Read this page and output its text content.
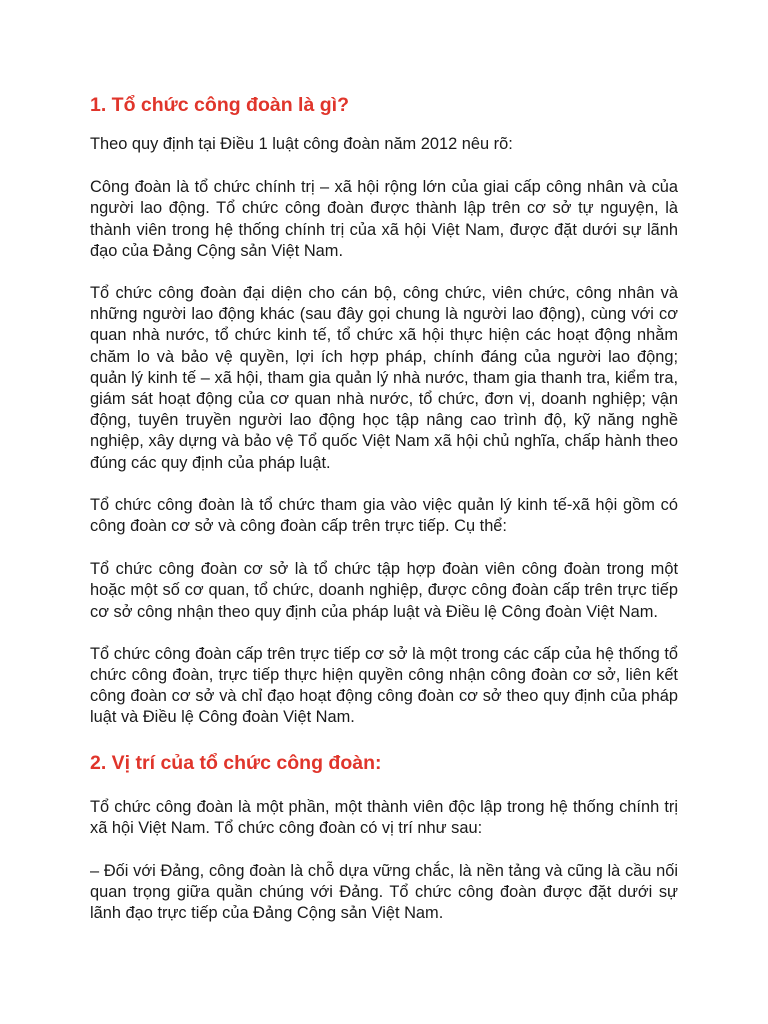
1. Tổ chức công đoàn là gì?

Theo quy định tại Điều 1 luật công đoàn năm 2012 nêu rõ:

Công đoàn là tổ chức chính trị – xã hội rộng lớn của giai cấp công nhân và của người lao động. Tổ chức công đoàn được thành lập trên cơ sở tự nguyện, là thành viên trong hệ thống chính trị của xã hội Việt Nam, được đặt dưới sự lãnh đạo của Đảng Cộng sản Việt Nam.

Tổ chức công đoàn đại diện cho cán bộ, công chức, viên chức, công nhân và những người lao động khác (sau đây gọi chung là người lao động), cùng với cơ quan nhà nước, tổ chức kinh tế, tổ chức xã hội thực hiện các hoạt động nhằm chăm lo và bảo vệ quyền, lợi ích hợp pháp, chính đáng của người lao động; quản lý kinh tế – xã hội, tham gia quản lý nhà nước, tham gia thanh tra, kiểm tra, giám sát hoạt động của cơ quan nhà nước, tổ chức, đơn vị, doanh nghiệp; vận động, tuyên truyền người lao động học tập nâng cao trình độ, kỹ năng nghề nghiệp, xây dựng và bảo vệ Tổ quốc Việt Nam xã hội chủ nghĩa, chấp hành theo đúng các quy định của pháp luật.

Tổ chức công đoàn là tổ chức tham gia vào việc quản lý kinh tế-xã hội gồm có công đoàn cơ sở và công đoàn cấp trên trực tiếp. Cụ thể:

Tổ chức công đoàn cơ sở là tổ chức tập hợp đoàn viên công đoàn trong một hoặc một số cơ quan, tổ chức, doanh nghiệp, được công đoàn cấp trên trực tiếp cơ sở công nhận theo quy định của pháp luật và Điều lệ Công đoàn Việt Nam.

Tổ chức công đoàn cấp trên trực tiếp cơ sở là một trong các cấp của hệ thống tổ chức công đoàn, trực tiếp thực hiện quyền công nhận công đoàn cơ sở, liên kết công đoàn cơ sở và chỉ đạo hoạt động công đoàn cơ sở theo quy định của pháp luật và Điều lệ Công đoàn Việt Nam.

2. Vị trí của tổ chức công đoàn:

Tổ chức công đoàn là một phần, một thành viên độc lập trong hệ thống chính trị xã hội Việt Nam. Tổ chức công đoàn có vị trí như sau:

– Đối với Đảng, công đoàn là chỗ dựa vững chắc, là nền tảng và cũng là cầu nối quan trọng giữa quần chúng với Đảng. Tổ chức công đoàn được đặt dưới sự lãnh đạo trực tiếp của Đảng Cộng sản Việt Nam.
